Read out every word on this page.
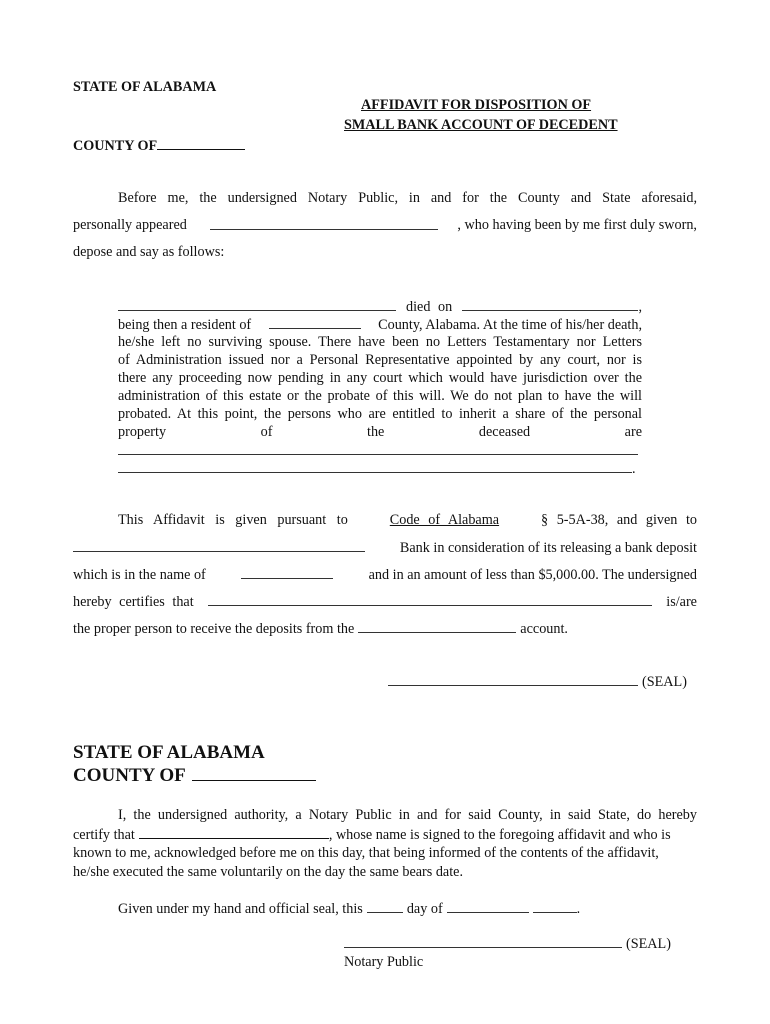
STATE OF ALABAMA
AFFIDAVIT FOR DISPOSITION OF
SMALL BANK ACCOUNT OF DECEDENT
COUNTY OF
Before me, the undersigned Notary Public, in and for the County and State aforesaid,
personally appeared	, who having been by me first duly sworn,
depose and say as follows:
died on	,
being then a resident of	County, Alabama. At the time of his/her death,
he/she left no surviving spouse. There have been no Letters Testamentary nor Letters
of Administration issued nor a Personal Representative appointed by any court, nor is
there any proceeding now pending in any court which would have jurisdiction over the
administration of this estate or the probate of this will. We do not plan to have the will
probated. At this point, the persons who are entitled to inherit a share of the personal
property of the deceased are
.
This Affidavit is given pursuant to	Code of Alabama	§ 5-5A-38, and given to
Bank in consideration of its releasing a bank deposit
which is in the name of	and in an amount of less than $5,000.00. The undersigned
hereby certifies that	is/are
the proper person to receive the deposits from the	account.
(SEAL)
STATE OF ALABAMA
COUNTY OF
I, the undersigned authority, a Notary Public in and for said County, in said State, do hereby
certify that	, whose name is signed to the foregoing affidavit and who is
known to me, acknowledged before me on this day, that being informed of the contents of the affidavit,
he/she executed the same voluntarily on the day the same bears date.
Given under my hand and official seal, this	day of	.
(SEAL)
Notary Public
